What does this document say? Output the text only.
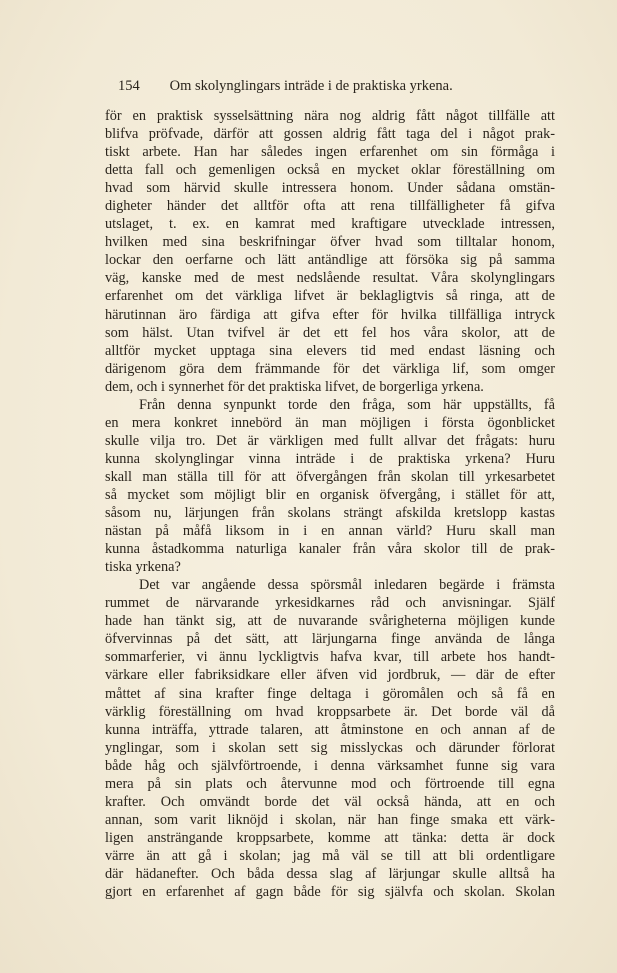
154 Om skolynglingars inträde i de praktiska yrkena.
för en praktisk sysselsättning nära nog aldrig fått något tillfälle att
blifva pröfvade, därför att gossen aldrig fått taga del i något prak-
tiskt arbete. Han har således ingen erfarenhet om sin förmåga i
detta fall och gemenligen också en mycket oklar föreställning om
hvad som härvid skulle intressera honom. Under sådana omstän-
digheter händer det alltför ofta att rena tillfälligheter få gifva
utslaget, t. ex. en kamrat med kraftigare utvecklade intressen,
hvilken med sina beskrifningar öfver hvad som tilltalar honom,
lockar den oerfarne och lätt antändlige att försöka sig på samma
väg, kanske med de mest nedslående resultat. Våra skolynglingars
erfarenhet om det värkliga lifvet är beklagligtvis så ringa, att de
härutinnan äro färdiga att gifva efter för hvilka tillfälliga intryck
som hälst. Utan tvifvel är det ett fel hos våra skolor, att de
alltför mycket upptaga sina elevers tid med endast läsning och
därigenom göra dem främmande för det värkliga lif, som omger
dem, och i synnerhet för det praktiska lifvet, de borgerliga yrkena.
Från denna synpunkt torde den fråga, som här uppställts, få
en mera konkret innebörd än man möjligen i första ögonblicket
skulle vilja tro. Det är värkligen med fullt allvar det frågats: huru
kunna skolynglingar vinna inträde i de praktiska yrkena? Huru
skall man ställa till för att öfvergången från skolan till yrkesarbetet
så mycket som möjligt blir en organisk öfvergång, i stället för att,
såsom nu, lärjungen från skolans strängt afskilda kretslopp kastas
nästan på måfå liksom in i en annan värld? Huru skall man
kunna åstadkomma naturliga kanaler från våra skolor till de prak-
tiska yrkena?
Det var angående dessa spörsmål inledaren begärde i främsta
rummet de närvarande yrkesidkarnes råd och anvisningar. Själf
hade han tänkt sig, att de nuvarande svårigheterna möjligen kunde
öfvervinnas på det sätt, att lärjungarna finge använda de långa
sommarferier, vi ännu lyckligtvis hafva kvar, till arbete hos handt-
värkare eller fabriksidkare eller äfven vid jordbruk, — där de efter
måttet af sina krafter finge deltaga i göromålen och så få en
värklig föreställning om hvad kroppsarbete är. Det borde väl då
kunna inträffa, yttrade talaren, att åtminstone en och annan af de
ynglingar, som i skolan sett sig misslyckas och därunder förlorat
både håg och självförtroende, i denna värksamhet funne sig vara
mera på sin plats och återvunne mod och förtroende till egna
krafter. Och omvändt borde det väl också hända, att en och
annan, som varit liknöjd i skolan, när han finge smaka ett värk-
ligen ansträngande kroppsarbete, komme att tänka: detta är dock
värre än att gå i skolan; jag må väl se till att bli ordentligare
där hädanefter. Och båda dessa slag af lärjungar skulle alltså ha
gjort en erfarenhet af gagn både för sig självfa och skolan. Skolan
